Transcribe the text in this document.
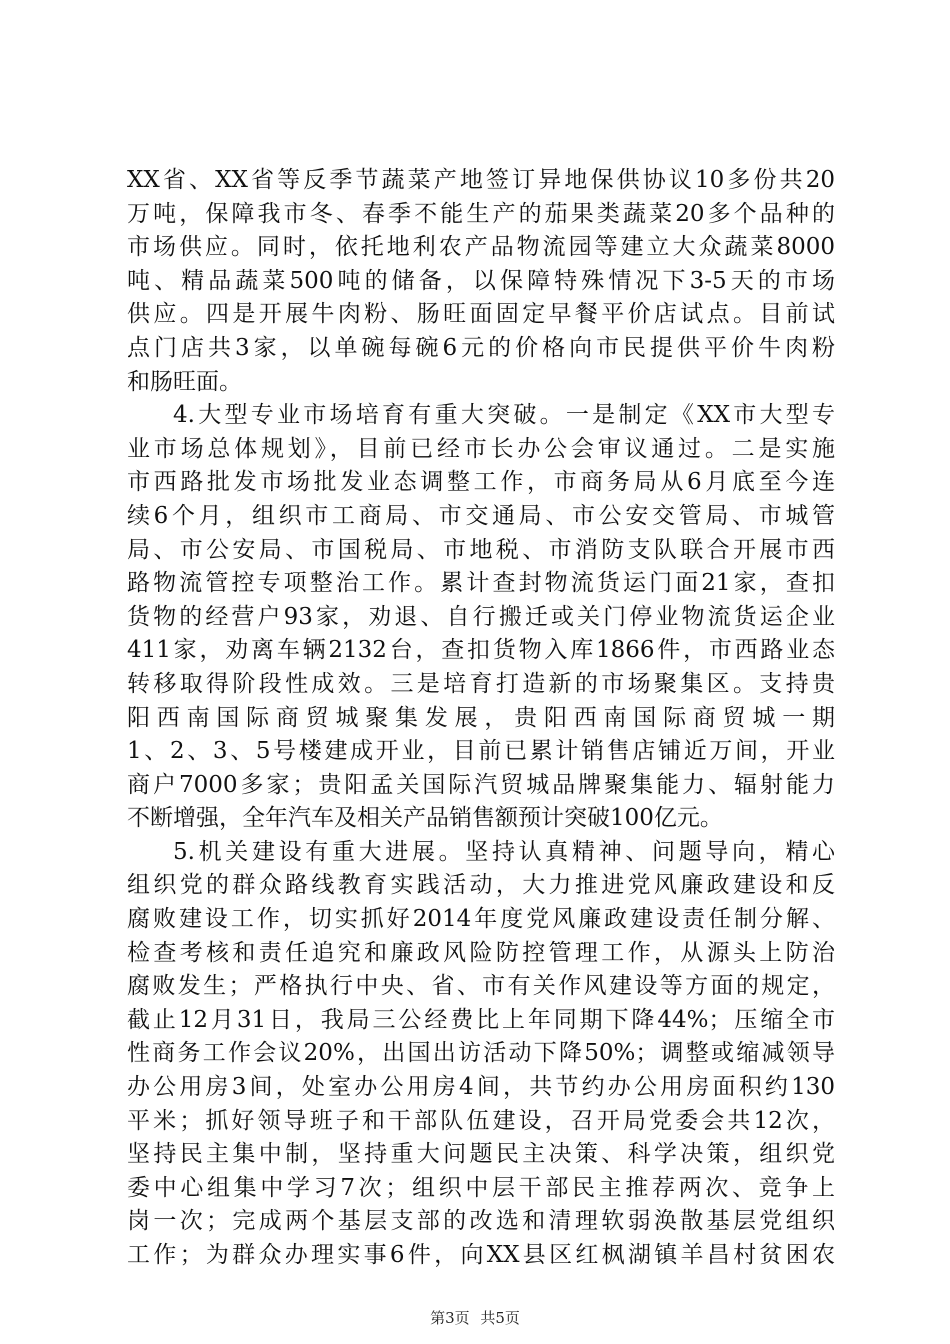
XX省、XX省等反季节蔬菜产地签订异地保供协议10多份共20
万吨，保障我市冬、春季不能生产的茄果类蔬菜20多个品种的
市场供应。同时，依托地利农产品物流园等建立大众蔬菜8000
吨、精品蔬菜500吨的储备，以保障特殊情况下3-5天的市场
供应。四是开展牛肉粉、肠旺面固定早餐平价店试点。目前试
点门店共3家，以单碗每碗6元的价格向市民提供平价牛肉粉
和肠旺面。
4.大型专业市场培育有重大突破。一是制定《XX市大型专
业市场总体规划》，目前已经市长办公会审议通过。二是实施
市西路批发市场批发业态调整工作，市商务局从6月底至今连
续6个月，组织市工商局、市交通局、市公安交管局、市城管
局、市公安局、市国税局、市地税、市消防支队联合开展市西
路物流管控专项整治工作。累计查封物流货运门面21家，查扣
货物的经营户93家，劝退、自行搬迁或关门停业物流货运企业
411家，劝离车辆2132台，查扣货物入库1866件，市西路业态
转移取得阶段性成效。三是培育打造新的市场聚集区。支持贵
阳西南国际商贸城聚集发展，贵阳西南国际商贸城一期
1、2、3、5号楼建成开业，目前已累计销售店铺近万间，开业
商户7000多家；贵阳孟关国际汽贸城品牌聚集能力、辐射能力
不断增强，全年汽车及相关产品销售额预计突破100亿元。
5.机关建设有重大进展。坚持认真精神、问题导向，精心
组织党的群众路线教育实践活动，大力推进党风廉政建设和反
腐败建设工作，切实抓好2014年度党风廉政建设责任制分解、
检查考核和责任追究和廉政风险防控管理工作，从源头上防治
腐败发生；严格执行中央、省、市有关作风建设等方面的规定，
截止12月31日，我局三公经费比上年同期下降44%；压缩全市
性商务工作会议20%，出国出访活动下降50%；调整或缩减领导
办公用房3间，处室办公用房4间，共节约办公用房面积约130
平米；抓好领导班子和干部队伍建设，召开局党委会共12次，
坚持民主集中制，坚持重大问题民主决策、科学决策，组织党
委中心组集中学习7次；组织中层干部民主推荐两次、竞争上
岗一次；完成两个基层支部的改选和清理软弱涣散基层党组织
工作；为群众办理实事6件，向XX县区红枫湖镇羊昌村贫困农
第3页 共5页
